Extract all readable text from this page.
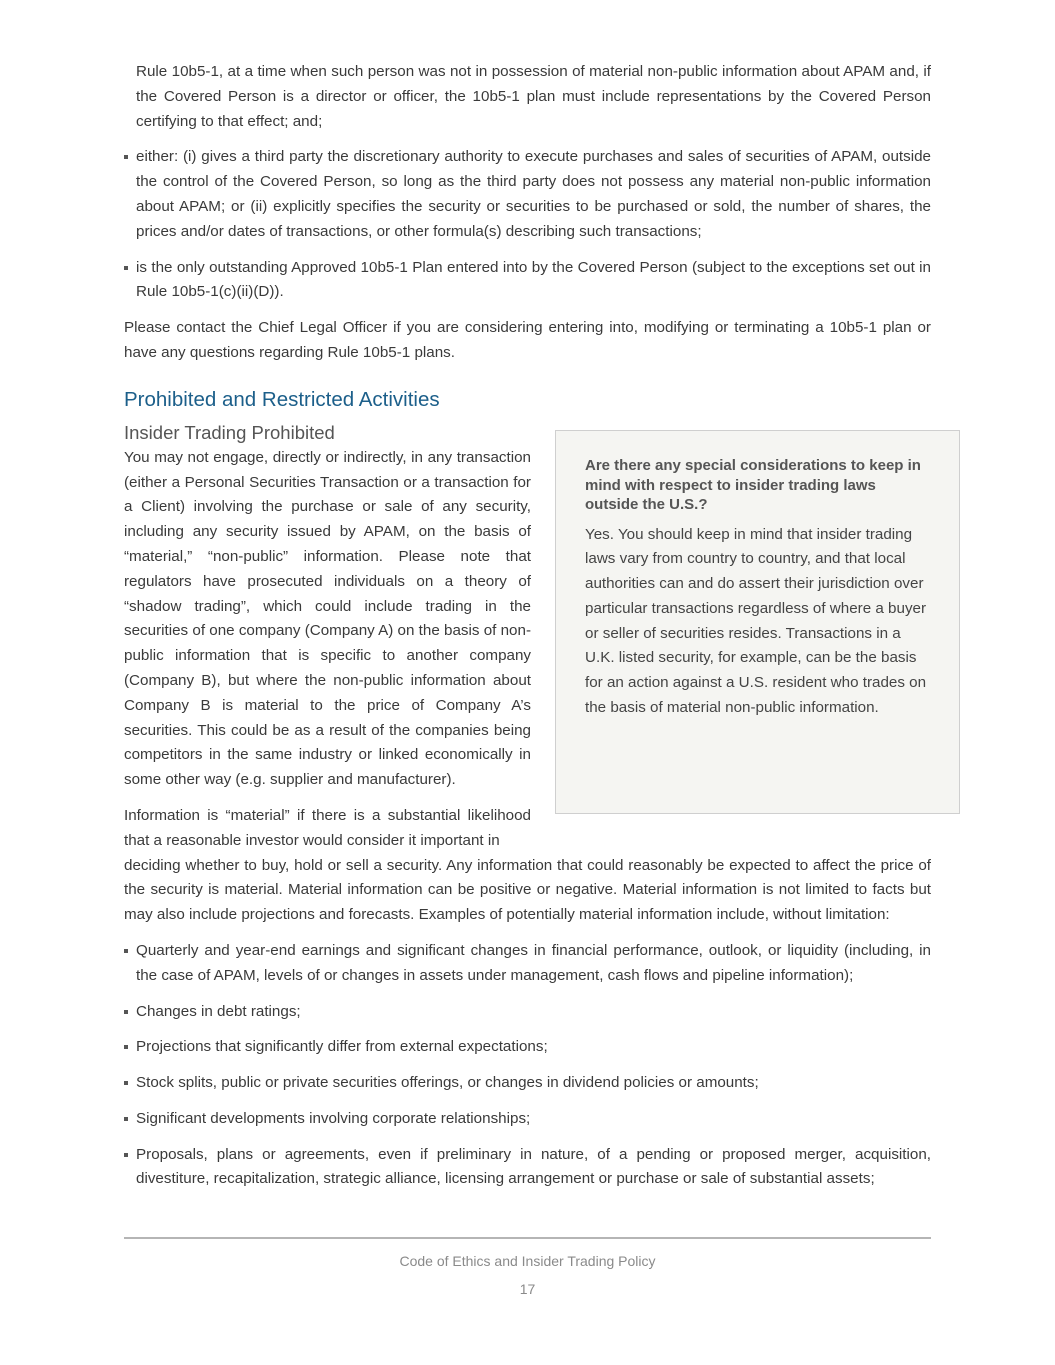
Rule 10b5-1, at a time when such person was not in possession of material non-public information about APAM and, if the Covered Person is a director or officer, the 10b5-1 plan must include representations by the Covered Person certifying to that effect; and;

either: (i) gives a third party the discretionary authority to execute purchases and sales of securities of APAM, outside the control of the Covered Person, so long as the third party does not possess any material non-public information about APAM; or (ii) explicitly specifies the security or securities to be purchased or sold, the number of shares, the prices and/or dates of transactions, or other formula(s) describing such transactions;
is the only outstanding Approved 10b5-1 Plan entered into by the Covered Person (subject to the exceptions set out in Rule 10b5-1(c)(ii)(D)).

Please contact the Chief Legal Officer if you are considering entering into, modifying or terminating a 10b5-1 plan or have any questions regarding Rule 10b5-1 plans.

Prohibited and Restricted Activities
Insider Trading Prohibited

You may not engage, directly or indirectly, in any transaction (either a Personal Securities Transaction or a transaction for a Client) involving the purchase or sale of any security, including any security issued by APAM, on the basis of “material,” “non-public” information. Please note that regulators have prosecuted individuals on a theory of “shadow trading”, which could include trading in the securities of one company (Company A) on the basis of non-public information that is specific to another company (Company B), but where the non-public information about Company B is material to the price of Company A’s securities. This could be as a result of the companies being competitors in the same industry or linked economically in some other way (e.g. supplier and manufacturer).

Information is “material” if there is a substantial likelihood that a reasonable investor would consider it important in

deciding whether to buy, hold or sell a security. Any information that could reasonably be expected to affect the price of the security is material. Material information can be positive or negative. Material information is not limited to facts but may also include projections and forecasts. Examples of potentially material information include, without limitation:

Quarterly and year-end earnings and significant changes in financial performance, outlook, or liquidity (including, in the case of APAM, levels of or changes in assets under management, cash flows and pipeline information);
Changes in debt ratings;
Projections that significantly differ from external expectations;
Stock splits, public or private securities offerings, or changes in dividend policies or amounts;
Significant developments involving corporate relationships;
Proposals, plans or agreements, even if preliminary in nature, of a pending or proposed merger, acquisition, divestiture, recapitalization, strategic alliance, licensing arrangement or purchase or sale of substantial assets;

Are there any special considerations to keep in mind with respect to insider trading laws outside the U.S.?

Yes. You should keep in mind that insider trading laws vary from country to country, and that local authorities can and do assert their jurisdiction over particular transactions regardless of where a buyer or seller of securities resides. Transactions in a U.K. listed security, for example, can be the basis for an action against a U.S. resident who trades on the basis of material non-public information.

Code of Ethics and Insider Trading Policy
17
